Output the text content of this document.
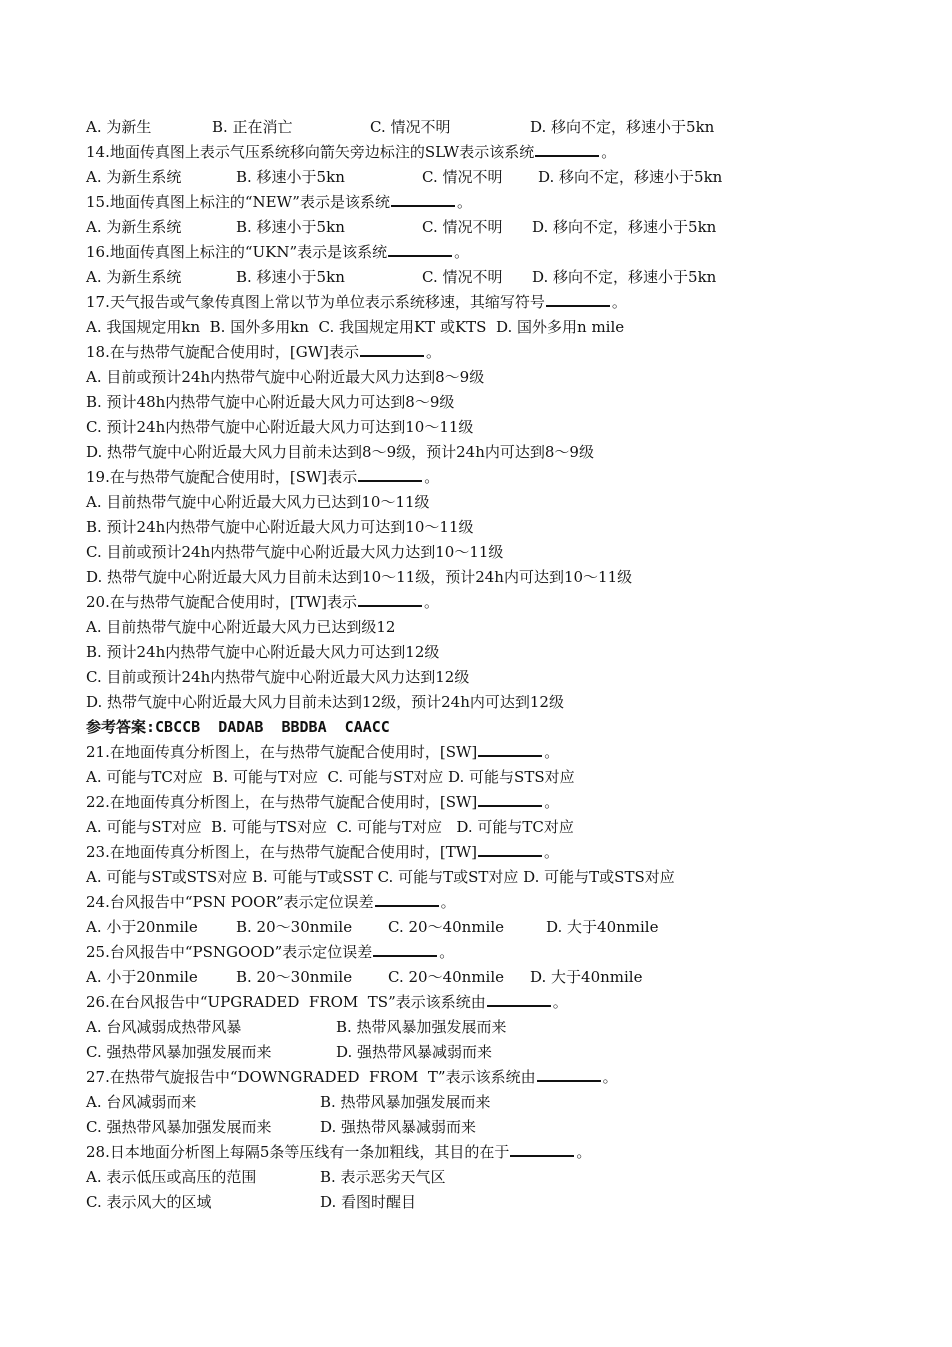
A. 为新生	B. 正在消亡	C. 情况不明	D. 移向不定，移速小于5kn
14.地面传真图上表示气压系统移向箭矢旁边标注的SLW表示该系统	。
A. 为新生系统	B. 移速小于5kn	C. 情况不明 D. 移向不定，移速小于5kn
15.地面传真图上标注的“NEW”表示是该系统	。
A. 为新生系统	B. 移速小于5kn	C. 情况不明 D. 移向不定，移速小于5kn
16.地面传真图上标注的“UKN”表示是该系统	。
A. 为新生系统	B. 移速小于5kn	C. 情况不明 D. 移向不定，移速小于5kn
17.天气报告或气象传真图上常以节为单位表示系统移速，其缩写符号	。
A. 我国规定用kn  B. 国外多用kn  C. 我国规定用KT 或KTS  D. 国外多用n mile
18.在与热带气旋配合使用时，[GW]表示	。
A. 目前或预计24h内热带气旋中心附近最大风力达到8～9级
B. 预计48h内热带气旋中心附近最大风力可达到8～9级
C. 预计24h内热带气旋中心附近最大风力可达到10～11级
D. 热带气旋中心附近最大风力目前未达到8～9级，预计24h内可达到8～9级
19.在与热带气旋配合使用时，[SW]表示	。
A. 目前热带气旋中心附近最大风力已达到10～11级
B. 预计24h内热带气旋中心附近最大风力可达到10～11级
C. 目前或预计24h内热带气旋中心附近最大风力达到10～11级
D. 热带气旋中心附近最大风力目前未达到10～11级，预计24h内可达到10～11级
20.在与热带气旋配合使用时，[TW]表示	。
A. 目前热带气旋中心附近最大风力已达到级12
B. 预计24h内热带气旋中心附近最大风力可达到12级
C. 目前或预计24h内热带气旋中心附近最大风力达到12级
D. 热带气旋中心附近最大风力目前未达到12级，预计24h内可达到12级
参考答案:CBCCB  DADAB  BBDBA  CAACC
21.在地面传真分析图上，在与热带气旋配合使用时，[SW]	。
A. 可能与TC对应  B. 可能与T对应  C. 可能与ST对应 D. 可能与STS对应
22.在地面传真分析图上，在与热带气旋配合使用时，[SW]	。
A. 可能与ST对应  B. 可能与TS对应  C. 可能与T对应   D. 可能与TC对应
23.在地面传真分析图上，在与热带气旋配合使用时，[TW]	。
A. 可能与ST或STS对应 B. 可能与T或SST C. 可能与T或ST对应 D. 可能与T或STS对应
24.台风报告中“PSN POOR”表示定位误差	。
A. 小于20nmile	B. 20～30nmile C. 20～40nmile	D. 大于40nmile
25.台风报告中“PSNGOOD”表示定位误差	。
A. 小于20nmile	B. 20～30nmile C. 20～40nmile D. 大于40nmile
26.在台风报告中“UPGRADED  FROM  TS”表示该系统由	。
A. 台风减弱成热带风暴	B. 热带风暴加强发展而来
C. 强热带风暴加强发展而来	D. 强热带风暴减弱而来
27.在热带气旋报告中“DOWNGRADED  FROM  T”表示该系统由	。
A. 台风减弱而来	B. 热带风暴加强发展而来
C. 强热带风暴加强发展而来	D. 强热带风暴减弱而来
28.日本地面分析图上每隔5条等压线有一条加粗线，其目的在于	。
A. 表示低压或高压的范围	B. 表示恶劣天气区
C. 表示风大的区域	D. 看图时醒目
